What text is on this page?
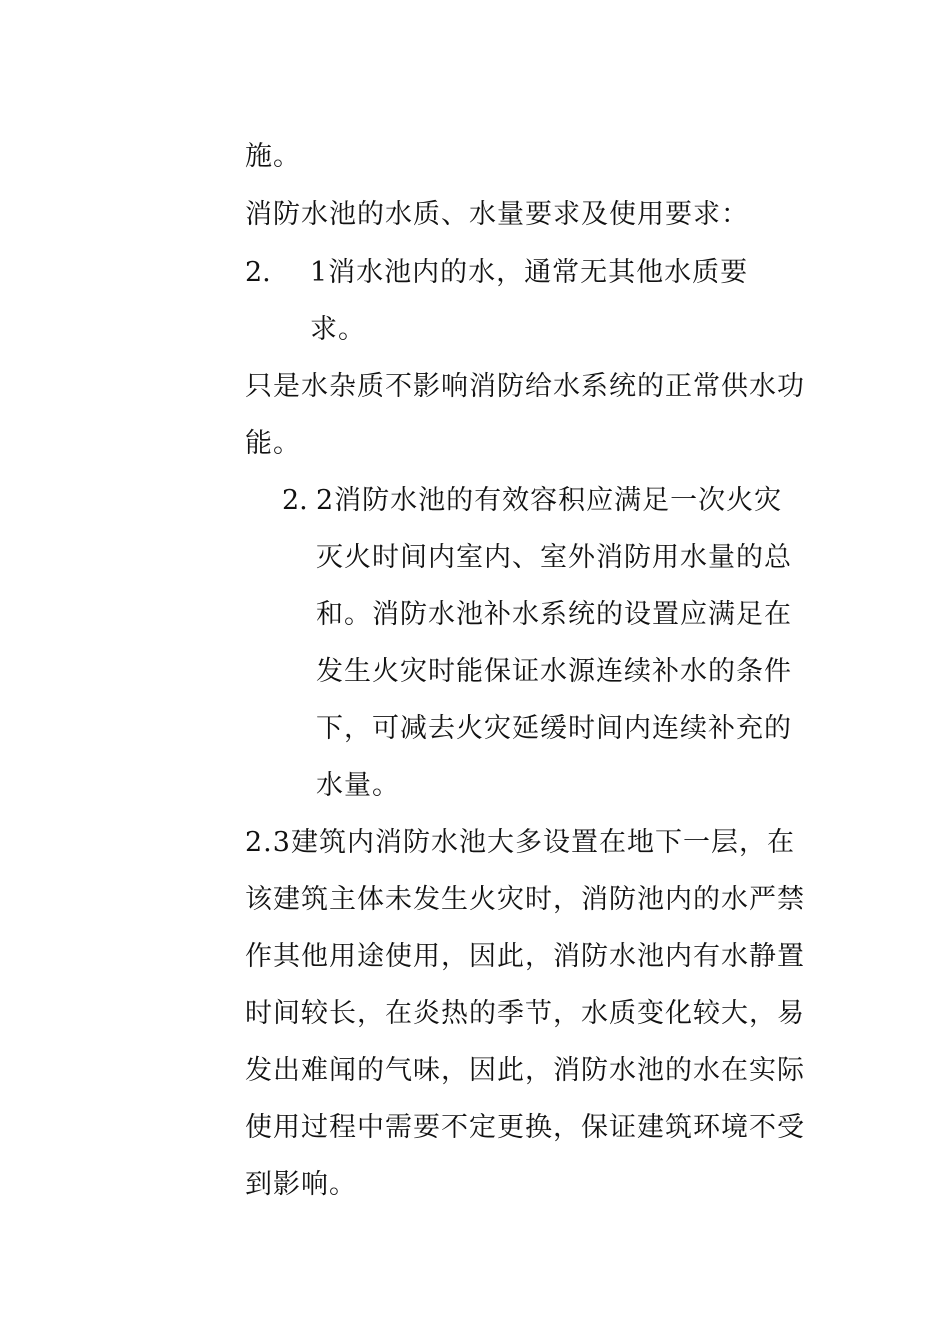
施。
消防水池的水质、水量要求及使用要求：
2. 1消水池内的水，通常无其他水质要求。
只是水杂质不影响消防给水系统的正常供水功能。
2. 2消防水池的有效容积应满足一次火灾灭火时间内室内、室外消防用水量的总和。消防水池补水系统的设置应满足在发生火灾时能保证水源连续补水的条件下，可减去火灾延缓时间内连续补充的水量。
2.3建筑内消防水池大多设置在地下一层，在该建筑主体未发生火灾时，消防池内的水严禁作其他用途使用，因此，消防水池内有水静置时间较长，在炎热的季节，水质变化较大，易发出难闻的气味，因此，消防水池的水在实际使用过程中需要不定更换，保证建筑环境不受到影响。
